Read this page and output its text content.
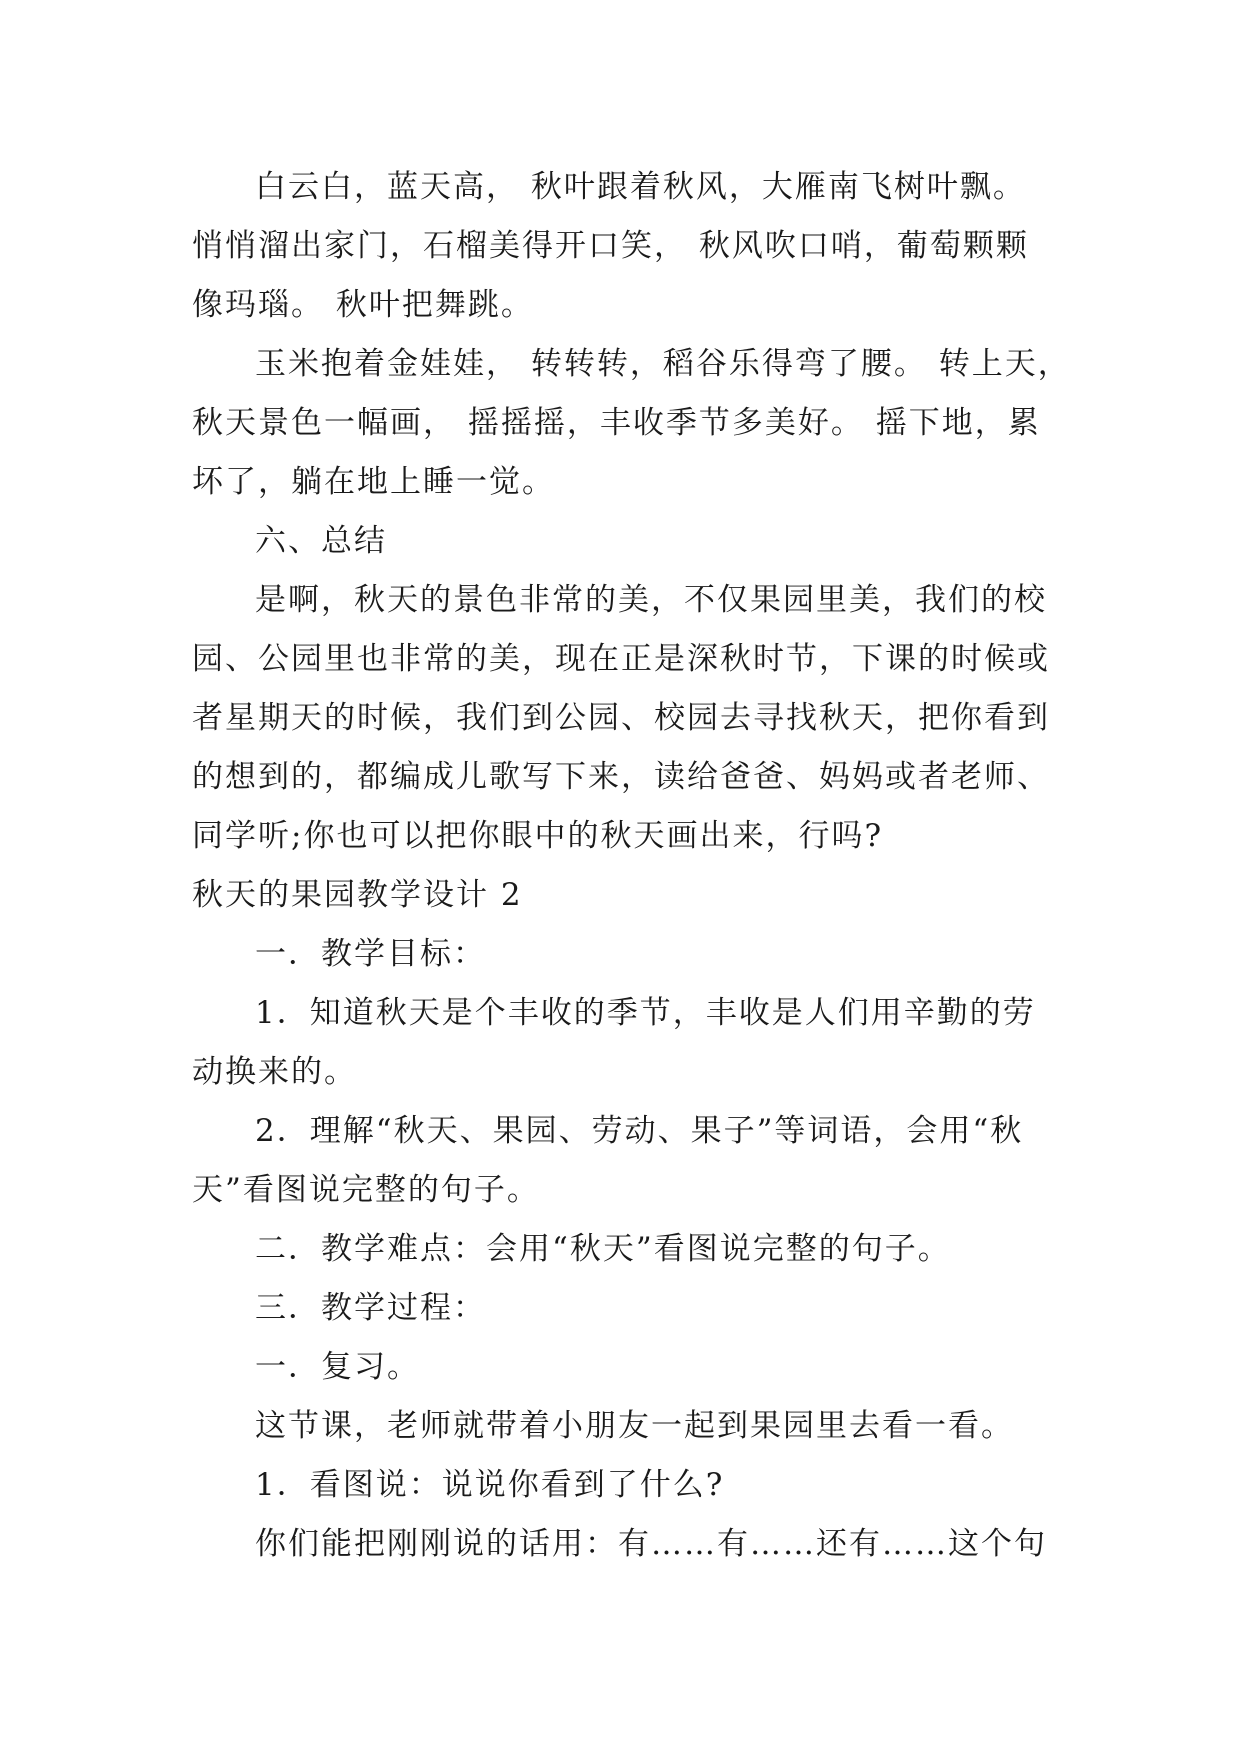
白云白，蓝天高， 秋叶跟着秋风，大雁南飞树叶飘。

悄悄溜出家门，石榴美得开口笑， 秋风吹口哨，葡萄颗颗

像玛瑙。 秋叶把舞跳。

玉米抱着金娃娃， 转转转，稻谷乐得弯了腰。 转上天，

秋天景色一幅画， 摇摇摇，丰收季节多美好。 摇下地，累

坏了，躺在地上睡一觉。

六、总结

是啊，秋天的景色非常的美，不仅果园里美，我们的校

园、公园里也非常的美，现在正是深秋时节，下课的时候或

者星期天的时候，我们到公园、校园去寻找秋天，把你看到

的想到的，都编成儿歌写下来，读给爸爸、妈妈或者老师、

同学听;你也可以把你眼中的秋天画出来，行吗?

秋天的果园教学设计 2

一．教学目标：

1．知道秋天是个丰收的季节，丰收是人们用辛勤的劳

动换来的。

2．理解“秋天、果园、劳动、果子”等词语，会用“秋

天”看图说完整的句子。

二．教学难点：会用“秋天”看图说完整的句子。

三．教学过程：

一．复习。

这节课，老师就带着小朋友一起到果园里去看一看。

1．看图说：说说你看到了什么?

你们能把刚刚说的话用：有……有……还有……这个句
